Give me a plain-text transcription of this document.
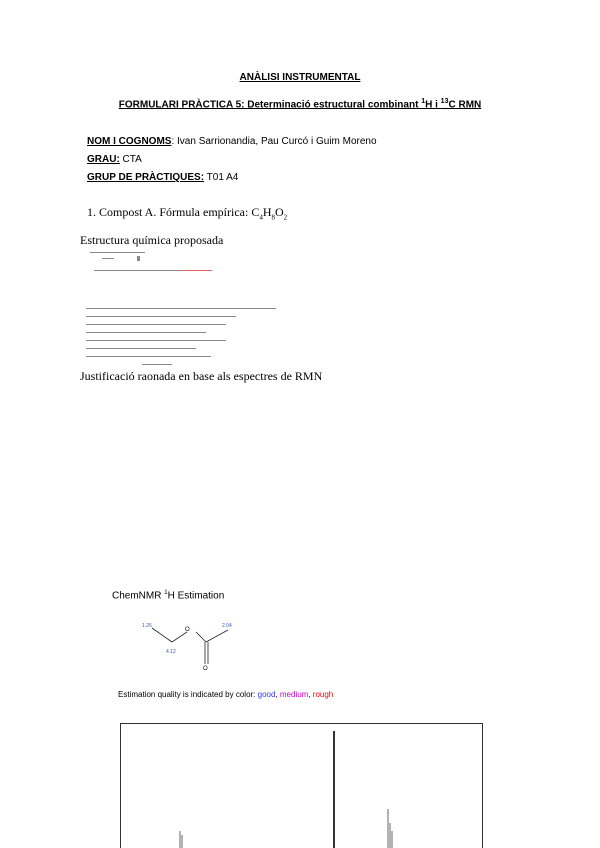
ANÀLISI INSTRUMENTAL
FORMULARI PRÀCTICA 5: Determinació estructural combinant $^1$H i $^{13}$C RMN
NOM I COGNOMS: Ivan Sarrionandia, Pau Curcó i Guim Moreno
GRAU: CTA
GRUP DE PRÀCTIQUES: T01 A4
1. Compost A. Fórmula empírica: $C_4H_8O_2$
Estructura química proposada
Justificació raonada en base als espectres de RMN
ChemNMR $^1$H Estimation
1.26
4.12
2.04
O
O
Estimation quality is indicated by color: good, medium, rough
